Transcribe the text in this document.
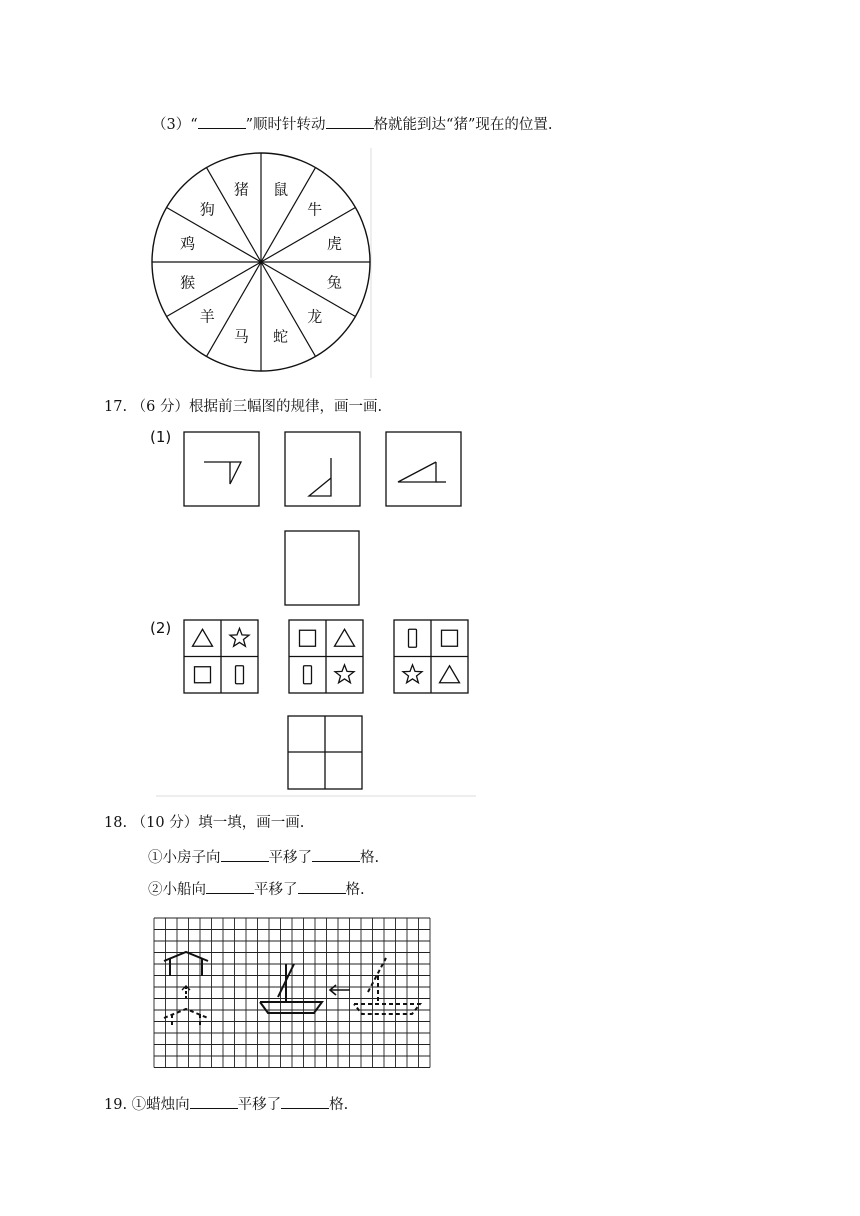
（3）“	”顺时针转动	格就能到达“猪”现在的位置.
鼠
牛
虎
兔
龙
蛇
马
羊
猴
鸡
狗
猪
17. （6 分）根据前三幅图的规律，画一画.
(1)
(2)
18. （10 分）填一填，画一画.
①小房子向	平移了	格.
②小船向	平移了	格.
19. ①蜡烛向	平移了	格.
